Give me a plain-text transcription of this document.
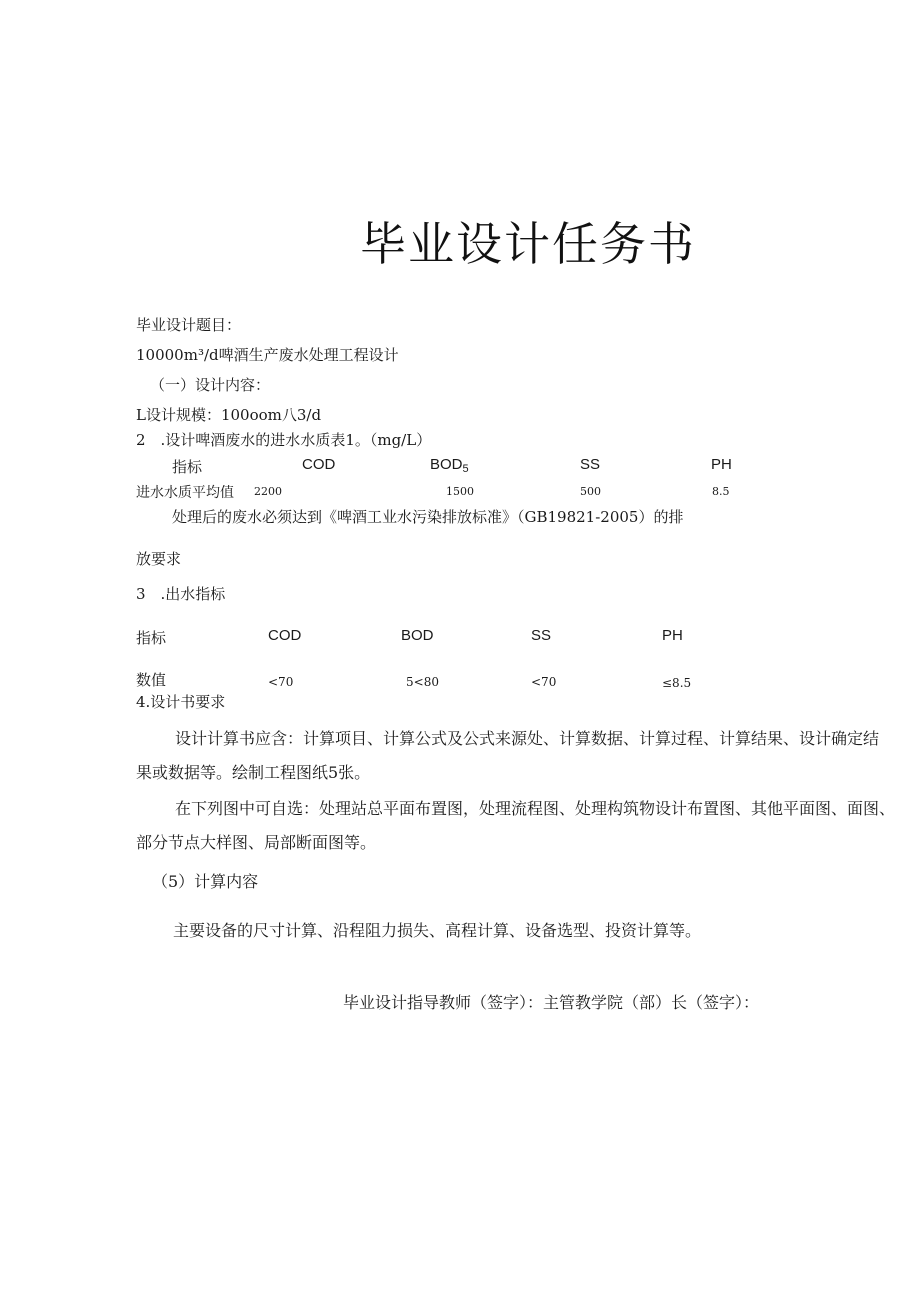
毕业设计任务书

毕业设计题目：

10000m³/d啤酒生产废水处理工程设计

（一）设计内容：

L设计规模：100oom八3/d

2　.设计啤酒废水的进水水质表1。（mg/L）

指标	COD	$BOD_5$	SS	PH
进水水质平均值 2200	1500	500	8.5

处理后的废水必须达到《啤酒工业水污染排放标准》（GB19821-2005）的排

放要求

3　.出水指标

指标	COD	BOD	SS	PH
数值	<70	5<80	<70	≤8.5

4.设计书要求

设计计算书应含：计算项目、计算公式及公式来源处、计算数据、计算过程、计算结果、设计确定结

果或数据等。绘制工程图纸5张。

在下列图中可自选：处理站总平面布置图，处理流程图、处理构筑物设计布置图、其他平面图、面图、

部分节点大样图、局部断面图等。

（5）计算内容

主要设备的尺寸计算、沿程阻力损失、高程计算、设备选型、投资计算等。

毕业设计指导教师（签字）：主管教学院（部）长（签字）：
